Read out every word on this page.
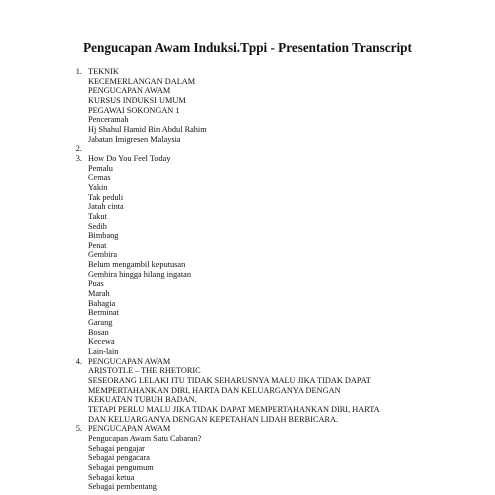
Pengucapan Awam Induksi.Tppi - Presentation Transcript
1. TEKNIK
KECEMERLANGAN DALAM
PENGUCAPAN AWAM
KURSUS INDUKSI UMUM
PEGAWAI SOKONGAN 1
Penceramah
Hj Shahul Hamid Bin Abdul Rahim
Jabatan Imigresen Malaysia
2.

3. How Do You Feel Today
Pemalu
Cemas
Yakin
Tak peduli
Jatuh cinta
Takut
Sedih
Bimbang
Penat
Gembira
Belum mengambil keputusan
Gembira hingga hilang ingatan
Puas
Marah
Bahagia
Berminat
Garang
Bosan
Kecewa
Lain-lain
4. PENGUCAPAN AWAM
ARISTOTLE – THE RHETORIC
SESEORANG LELAKI ITU TIDAK SEHARUSNYA MALU JIKA TIDAK DAPAT
MEMPERTAHANKAN DIRI, HARTA DAN KELUARGANYA DENGAN
KEKUATAN TUBUH BADAN.
TETAPI PERLU MALU JIKA TIDAK DAPAT MEMPERTAHANKAN DIRI, HARTA
DAN KELUARGANYA DENGAN KEPETAHAN LIDAH BERBICARA.
5. PENGUCAPAN AWAM
Pengucapan Awam Satu Cabaran?
Sebagai pengajar
Sebagai pengacara
Sebagai pengumum
Sebagai ketua
Sebagai pembentang
